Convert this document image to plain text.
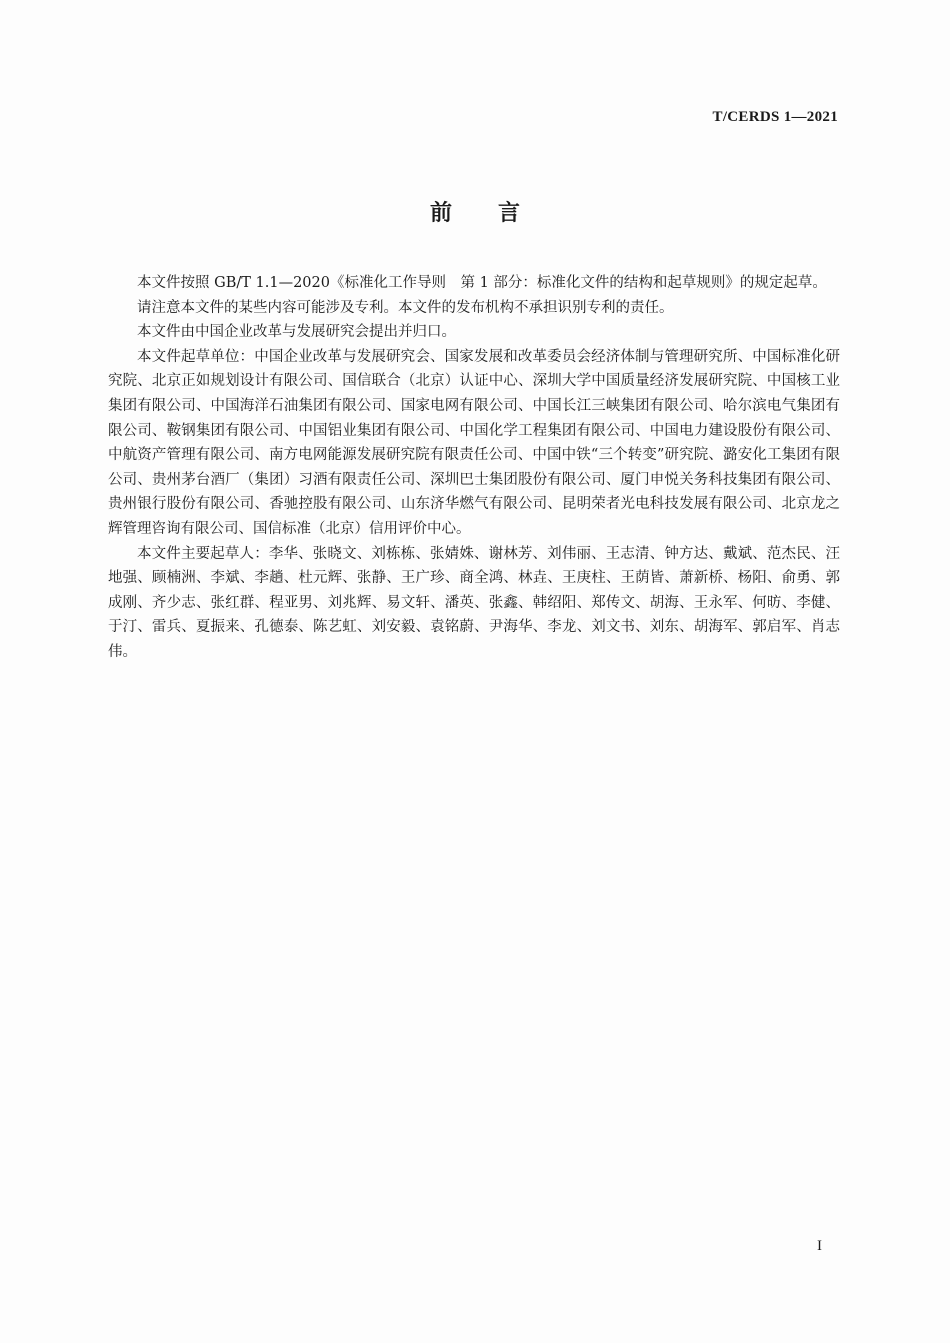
T/CERDS 1—2021
前言

本文件按照 GB/T 1.1—2020《标准化工作导则　第 1 部分：标准化文件的结构和起草规则》的规定起草。

请注意本文件的某些内容可能涉及专利。本文件的发布机构不承担识别专利的责任。

本文件由中国企业改革与发展研究会提出并归口。

本文件起草单位：中国企业改革与发展研究会、国家发展和改革委员会经济体制与管理研究所、中国标准化研究院、北京正如规划设计有限公司、国信联合（北京）认证中心、深圳大学中国质量经济发展研究院、中国核工业集团有限公司、中国海洋石油集团有限公司、国家电网有限公司、中国长江三峡集团有限公司、哈尔滨电气集团有限公司、鞍钢集团有限公司、中国铝业集团有限公司、中国化学工程集团有限公司、中国电力建设股份有限公司、中航资产管理有限公司、南方电网能源发展研究院有限责任公司、中国中铁“三个转变”研究院、潞安化工集团有限公司、贵州茅台酒厂（集团）习酒有限责任公司、深圳巴士集团股份有限公司、厦门申悦关务科技集团有限公司、贵州银行股份有限公司、香驰控股有限公司、山东济华燃气有限公司、昆明荣者光电科技发展有限公司、北京龙之辉管理咨询有限公司、国信标准（北京）信用评价中心。

本文件主要起草人：李华、张晓文、刘栋栋、张婧姝、谢林芳、刘伟丽、王志清、钟方达、戴斌、范杰民、汪地强、顾楠洲、李斌、李趟、杜元辉、张静、王广珍、商全鸿、林垚、王庚柱、王荫皆、萧新桥、杨阳、俞勇、郭成刚、齐少志、张红群、程亚男、刘兆辉、易文轩、潘英、张鑫、韩绍阳、郑传文、胡海、王永军、何昉、李健、于汀、雷兵、夏振来、孔德泰、陈艺虹、刘安毅、袁铭蔚、尹海华、李龙、刘文书、刘东、胡海军、郭启军、肖志伟。

I
